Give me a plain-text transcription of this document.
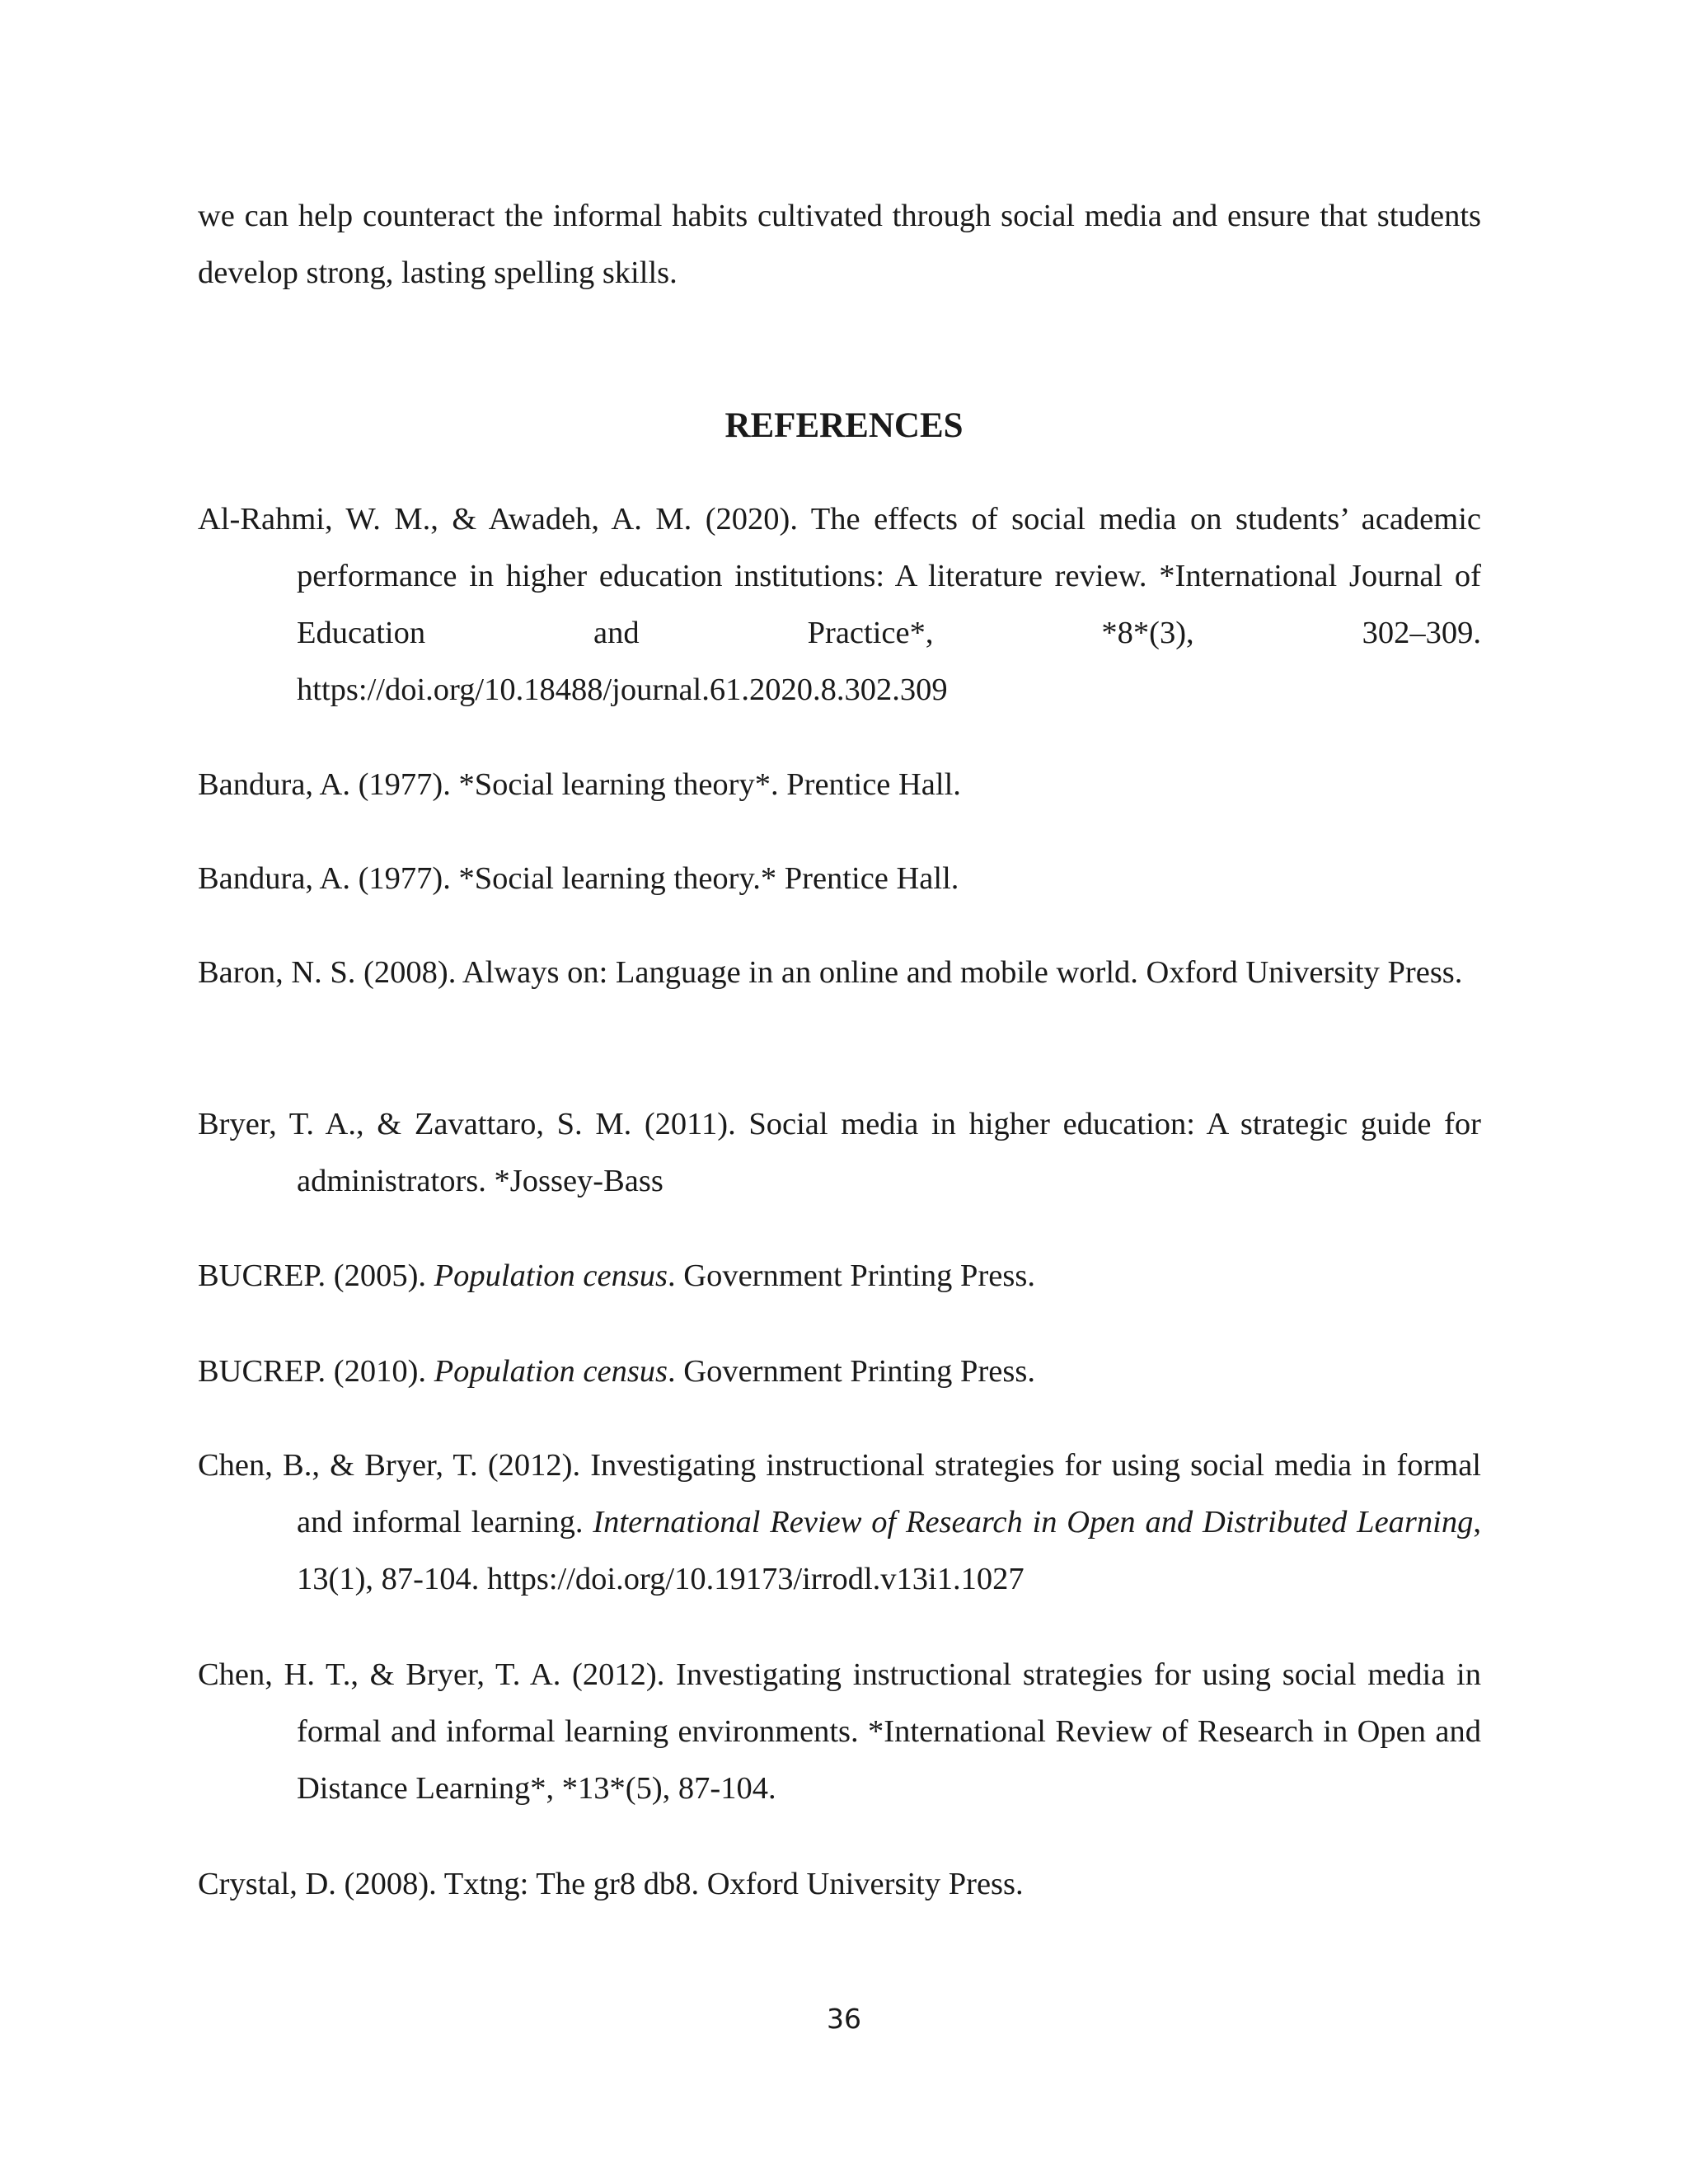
we can help counteract the informal habits cultivated through social media and ensure that students develop strong, lasting spelling skills.

REFERENCES

Al-Rahmi, W. M., & Awadeh, A. M. (2020). The effects of social media on students’ academic performance in higher education institutions: A literature review. *International Journal of Education and Practice*, *8*(3), 302–309. https://doi.org/10.18488/journal.61.2020.8.302.309

Bandura, A. (1977). *Social learning theory*. Prentice Hall.

Bandura, A. (1977). *Social learning theory.* Prentice Hall.

Baron, N. S. (2008). Always on: Language in an online and mobile world. Oxford University Press.

Bryer, T. A., & Zavattaro, S. M. (2011). Social media in higher education: A strategic guide for administrators. *Jossey-Bass

BUCREP. (2005). Population census. Government Printing Press.

BUCREP. (2010). Population census. Government Printing Press.

Chen, B., & Bryer, T. (2012). Investigating instructional strategies for using social media in formal and informal learning. International Review of Research in Open and Distributed Learning, 13(1), 87-104. https://doi.org/10.19173/irrodl.v13i1.1027

Chen, H. T., & Bryer, T. A. (2012). Investigating instructional strategies for using social media in formal and informal learning environments. *International Review of Research in Open and Distance Learning*, *13*(5), 87-104.

Crystal, D. (2008). Txtng: The gr8 db8. Oxford University Press.

36
